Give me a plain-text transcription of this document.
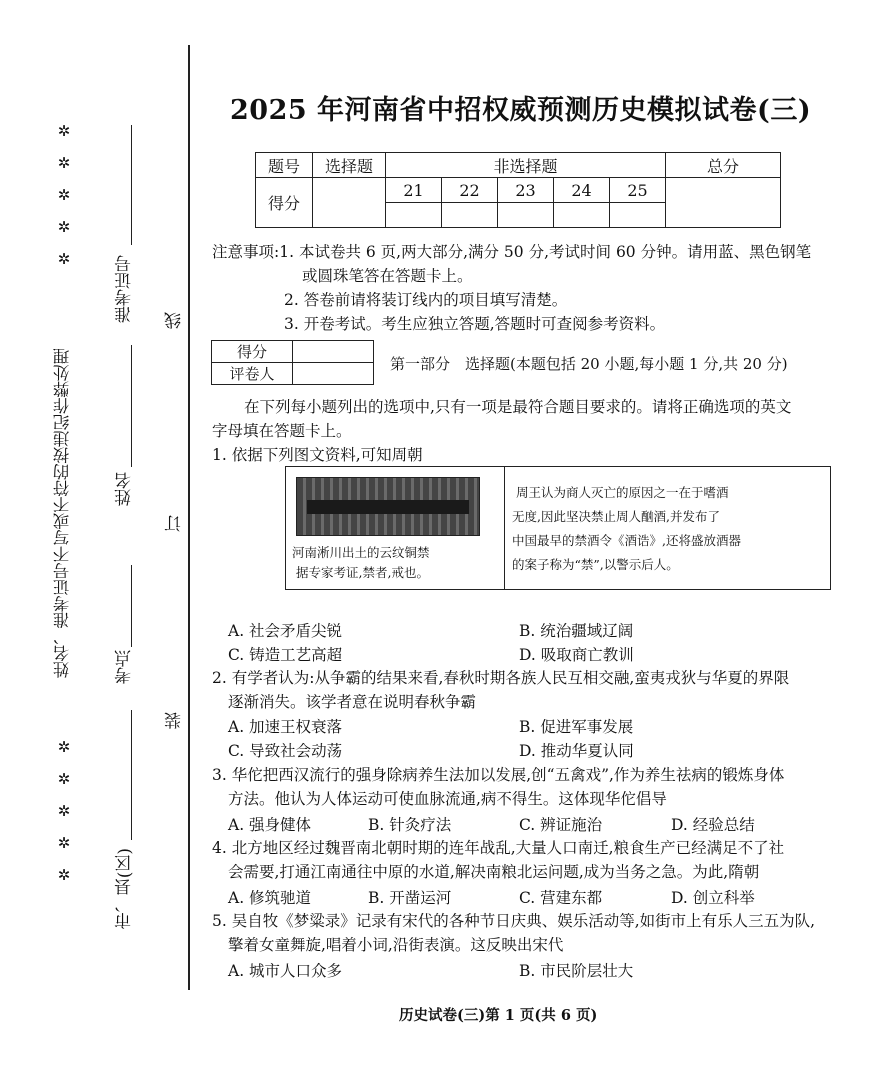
✲✲✲✲✲
姓名、准考证号不写或不符的按违纪作弊处理
✲✲✲✲✲
准考证号
姓名
考点
市、县(区)
线
订
装
2025 年河南省中招权威预测历史模拟试卷(三)
题号	选择题	非选择题					总分
得分		21	22	23	24	25	

注意事项:1. 本试卷共 6 页,两大部分,满分 50 分,考试时间 60 分钟。请用蓝、黑色钢笔
或圆珠笔答在答题卡上。
2. 答卷前请将装订线内的项目填写清楚。
3. 开卷考试。考生应独立答题,答题时可查阅参考资料。
得分	
评卷人	
第一部分　选择题(本题包括 20 小题,每小题 1 分,共 20 分)
在下列每小题列出的选项中,只有一项是最符合题目要求的。请将正确选项的英文
字母填在答题卡上。
1. 依据下列图文资料,可知周朝
河南淅川出土的云纹铜禁
据专家考证,禁者,戒也。
周王认为商人灭亡的原因之一在于嗜酒
无度,因此坚决禁止周人酗酒,并发布了
中国最早的禁酒令《酒诰》,还将盛放酒器
的案子称为“禁”,以警示后人。
A. 社会矛盾尖锐	B. 统治疆域辽阔
C. 铸造工艺高超	D. 吸取商亡教训
2. 有学者认为:从争霸的结果来看,春秋时期各族人民互相交融,蛮夷戎狄与华夏的界限
逐渐消失。该学者意在说明春秋争霸
A. 加速王权衰落	B. 促进军事发展
C. 导致社会动荡	D. 推动华夏认同
3. 华佗把西汉流行的强身除病养生法加以发展,创“五禽戏”,作为养生祛病的锻炼身体
方法。他认为人体运动可使血脉流通,病不得生。这体现华佗倡导
A. 强身健体	B. 针灸疗法	C. 辨证施治	D. 经验总结
4. 北方地区经过魏晋南北朝时期的连年战乱,大量人口南迁,粮食生产已经满足不了社
会需要,打通江南通往中原的水道,解决南粮北运问题,成为当务之急。为此,隋朝
A. 修筑驰道	B. 开凿运河	C. 营建东都	D. 创立科举
5. 吴自牧《梦粱录》记录有宋代的各种节日庆典、娱乐活动等,如街市上有乐人三五为队,
擎着女童舞旋,唱着小词,沿街表演。这反映出宋代
A. 城市人口众多	B. 市民阶层壮大
历史试卷(三)第 1 页(共 6 页)
